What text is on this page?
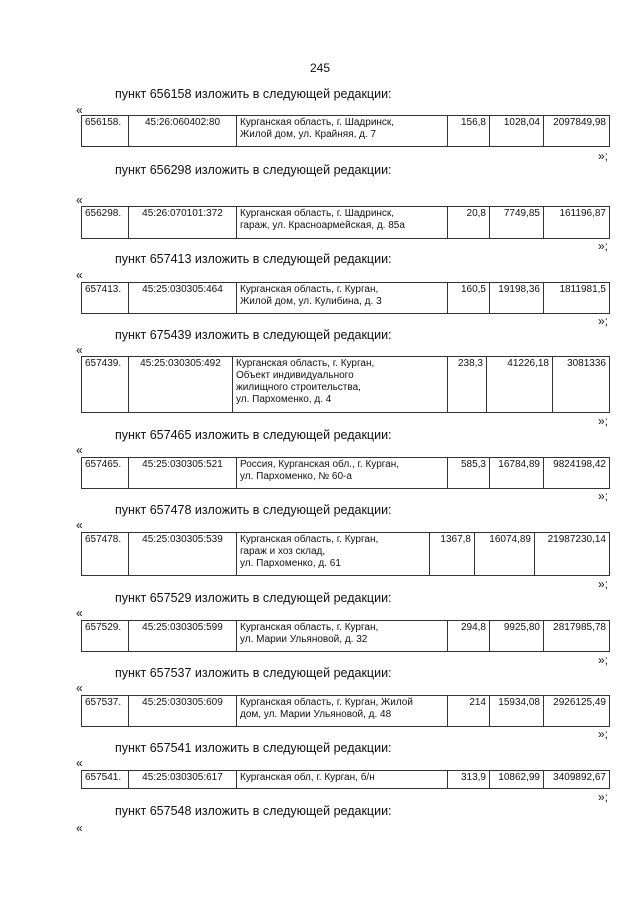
245
пункт 656158 изложить в следующей редакции:
«
656158.	45:26:060402:80	Курганская область, г. Шадринск,
Жилой дом, ул. Крайняя, д. 7
	156,8	1028,04	2097849,98
»;
пункт 656298 изложить в следующей редакции:
«
656298.	45:26:070101:372	Курганская область, г. Шадринск,
гараж, ул. Красноармейская, д. 85а
	20,8	7749,85	161196,87
»;
пункт 657413 изложить в следующей редакции:
«
657413.	45:25:030305:464	Курганская область, г. Курган,
Жилой дом, ул. Кулибина, д. 3
	160,5	19198,36	1811981,5
»;
пункт 675439 изложить в следующей редакции:
«
657439.	45:25:030305:492	Курганская область, г. Курган,
Объект индивидуального
жилищного строительства,
ул. Пархоменко, д. 4
	238,3	41226,18	3081336
»;
пункт 657465 изложить в следующей редакции:
«
657465.	45:25:030305:521	Россия, Курганская обл., г. Курган,
ул. Пархоменко, № 60-а
	585,3	16784,89	9824198,42
»;
пункт 657478 изложить в следующей редакции:
«
657478.	45:25:030305:539	Курганская область, г. Курган,
гараж и хоз склад,
ул. Пархоменко, д. 61
	1367,8	16074,89	21987230,14
»;
пункт 657529 изложить в следующей редакции:
«
657529.	45:25:030305:599	Курганская область, г. Курган,
ул. Марии Ульяновой, д. 32
	294,8	9925,80	2817985,78
»;
пункт 657537 изложить в следующей редакции:
«
657537.	45:25:030305:609	Курганская область, г. Курган, Жилой
дом, ул. Марии Ульяновой, д. 48
	214	15934,08	2926125,49
»;
пункт 657541 изложить в следующей редакции:
«
657541.	45:25:030305:617	Курганская обл, г. Курган, б/н	313,9	10862,99	3409892,67
»;
пункт 657548 изложить в следующей редакции:
«
